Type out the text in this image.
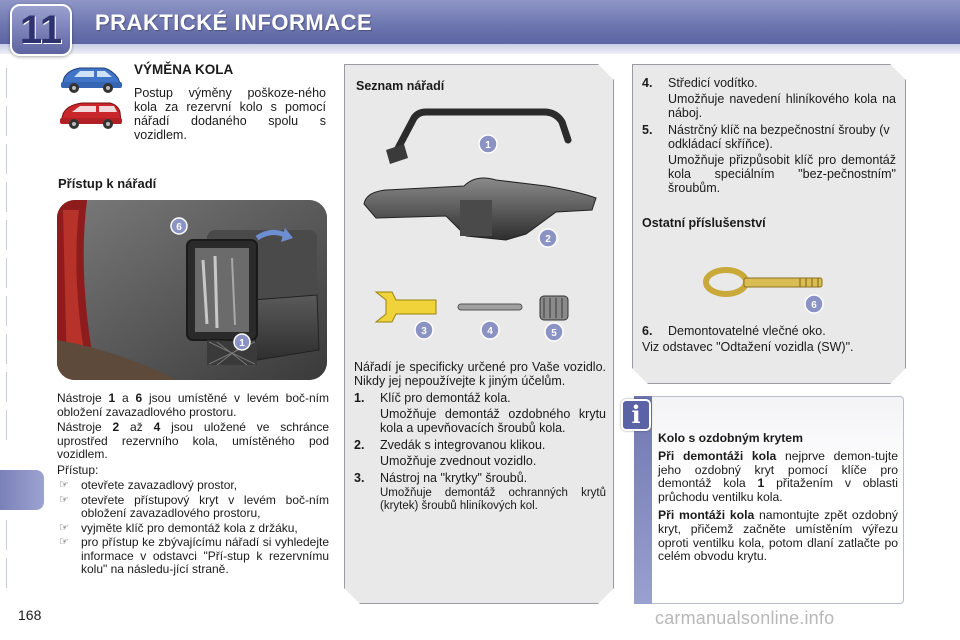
11	PRAKTICKÉ INFORMACE
168
VÝMĚNA KOLA
Postup výměny poškoze-ného kola za rezervní kolo s pomocí nářadí dodaného spolu s vozidlem.
Přístup k nářadí
6
1

Nástroje 1 a 6 jsou umístěné v levém boč-ním obložení zavazadlového prostoru.

Nástroje 2 až 4 jsou uložené ve schránce uprostřed rezervního kola, umístěného pod vozidlem.

Přístup:

☞ otevřete zavazadlový prostor,
☞ otevřete přístupový kryt v levém boč-ním obložení zavazadlového prostoru,
☞ vyjměte klíč pro demontáž kola z držáku,
☞ pro přístup ke zbývajícímu nářadí si vyhledejte informace v odstavci "Pří-stup k rezervnímu kolu" na následu-jící straně.
Seznam nářadí
1
2
3	4	5
Nářadí je specificky určené pro Vaše vozidlo. Nikdy jej nepoužívejte k jiným účelům.
1. Klíč pro demontáž kola.
Umožňuje demontáž ozdobného krytu kola a upevňovacích šroubů kola.
2. Zvedák s integrovanou klikou.
Umožňuje zvednout vozidlo.
3. Nástroj na "krytky" šroubů.
Umožňuje demontáž ochranných krytů (krytek) šroubů hliníkových kol.
4. Středicí vodítko.
Umožňuje navedení hliníkového kola na náboj.
5. Nástrčný klíč na bezpečnostní šrouby (v odkládací skříňce).
Umožňuje přizpůsobit klíč pro demontáž kola speciálním "bez-pečnostním" šroubům.
Ostatní příslušenství
6
6. Demontovatelné vlečné oko.
Viz odstavec "Odtažení vozidla (SW)".
i
Kolo s ozdobným krytem

Při demontáži kola nejprve demon-tujte jeho ozdobný kryt pomocí klíče pro demontáž kola 1 přitažením v oblasti průchodu ventilku kola.

Při montáži kola namontujte zpět ozdobný kryt, přičemž začněte umístěním výřezu oproti ventilku kola, potom dlaní zatlačte po celém obvodu krytu.

carmanualsonline.info
